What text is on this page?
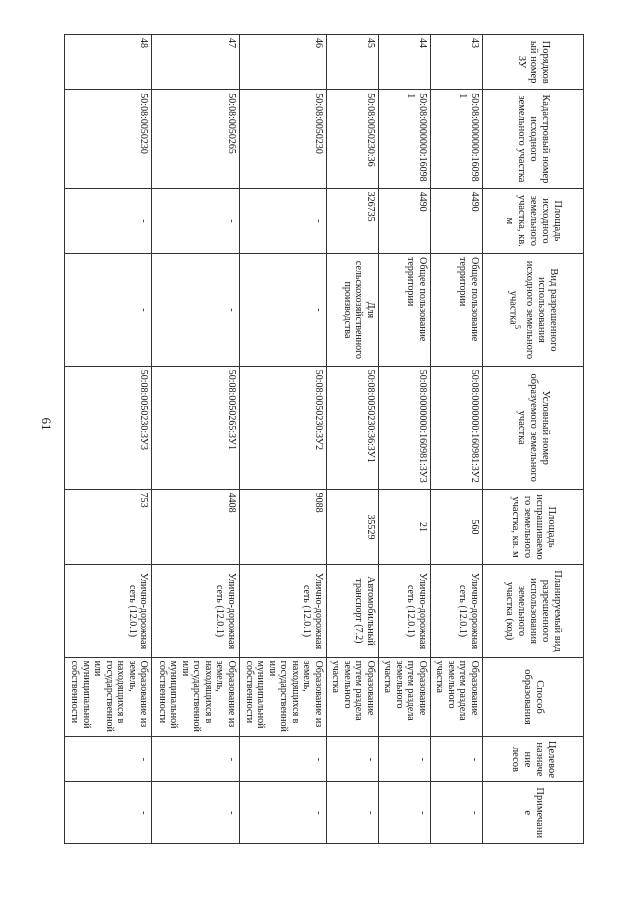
61
Порядковый номер ЗУ	Кадастровый номер исходного земельного участка	Площадь исходного земельного участка, кв. м	Вид разрешенного использования исходного земельного участка$^5$	Условный номер образуемого земельного участка	Площадь испрашиваемого земельного участка, кв. м	Планируемый вид разрешенного использования земельного участка (код)	Способ образования	Целевое назначение лесов	Примечание
43	50:08:0000000:160981	4490	Общее пользование территории	50:08:0000000:160981:ЗУ2	560	Улично-дорожная сеть (12.0.1)	Образование путем раздела земельного участка	-	-
44	50:08:0000000:160981	4490	Общее пользование территории	50:08:0000000:160981:ЗУ3	21	Улично-дорожная сеть (12.0.1)	Образование путем раздела земельного участка	-	-
45	50:08:0050230:36	326735	Для сельскохозяйственного производства	50:08:0050230:36:ЗУ1	35529	Автомобильный транспорт (7.2)	Образование путем раздела земельного участка	-	-
46	50:08:0050230	-	-	50:08:0050230:ЗУ2	9088	Улично-дорожная сеть (12.0.1)	Образование из земель, находящихся в государственной или муниципальной собственности	-	-
47	50:08:0050265	-	-	50:08:0050265:ЗУ1	4408	Улично-дорожная сеть (12.0.1)	Образование из земель, находящихся в государственной или муниципальной собственности	-	-
48	50:08:0050230	-	-	50:08:0050230:ЗУ3	753	Улично-дорожная сеть (12.0.1)	Образование из земель, находящихся в государственной или муниципальной собственности	-	-
